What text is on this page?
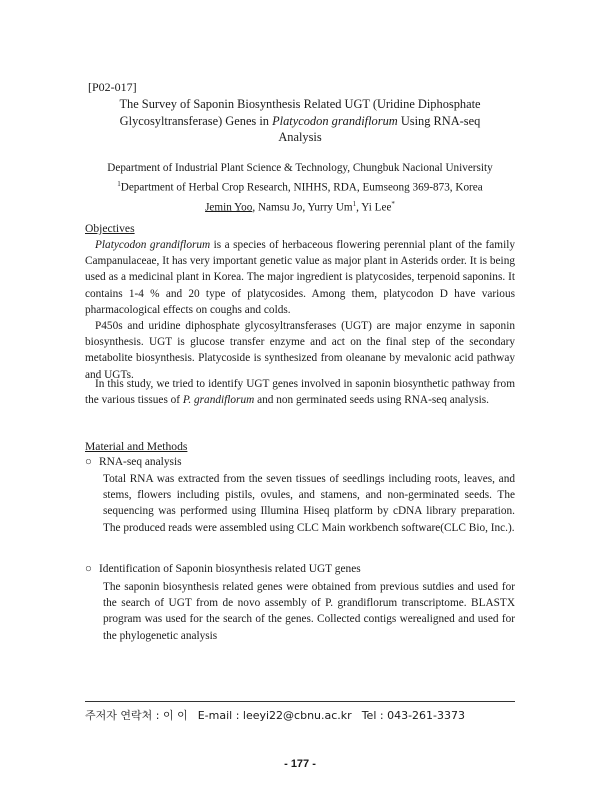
[P02-017]
The Survey of Saponin Biosynthesis Related UGT (Uridine Diphosphate
Glycosyltransferase) Genes in Platycodon grandiflorum Using RNA-seq
Analysis
Department of Industrial Plant Science & Technology, Chungbuk Nacional University
$^1$Department of Herbal Crop Research, NIHHS, RDA, Eumseong 369-873, Korea
Jemin Yoo, Namsu Jo, Yurry Um$^1$, Yi Lee*
Objectives
Platycodon grandiflorum is a species of herbaceous flowering perennial plant of the family Campanulaceae, It has very important genetic value as major plant in Asterids order. It is being used as a medicinal plant in Korea. The major ingredient is platycosides, terpenoid saponins. It contains 1-4 % and 20 type of platycosides. Among them, platycodon D have various pharmacological effects on coughs and colds.
P450s and uridine diphosphate glycosyltransferases (UGT) are major enzyme in saponin biosynthesis. UGT is glucose transfer enzyme and act on the final step of the secondary metabolite biosynthesis. Platycoside is synthesized from oleanane by mevalonic acid pathway and UGTs.
In this study, we tried to identify UGT genes involved in saponin biosynthetic pathway from the various tissues of P. grandiflorum and non germinated seeds using RNA-seq analysis.
Material and Methods
○ RNA-seq analysis
Total RNA was extracted from the seven tissues of seedlings including roots, leaves, and stems, flowers including pistils, ovules, and stamens, and non-germinated seeds. The sequencing was performed using Illumina Hiseq platform by cDNA library preparation. The produced reads were assembled using CLC Main workbench software(CLC Bio, Inc.).
○ Identification of Saponin biosynthesis related UGT genes
The saponin biosynthesis related genes were obtained from previous sutdies and used for the search of UGT from de novo assembly of P. grandiflorum transcriptome. BLASTX program was used for the search of the genes. Collected contigs werealigned and used for the phylogenetic analysis
주저자 연락처 : 이 이 E-mail : leeyi22@cbnu.ac.kr Tel : 043-261-3373
- 177 -
